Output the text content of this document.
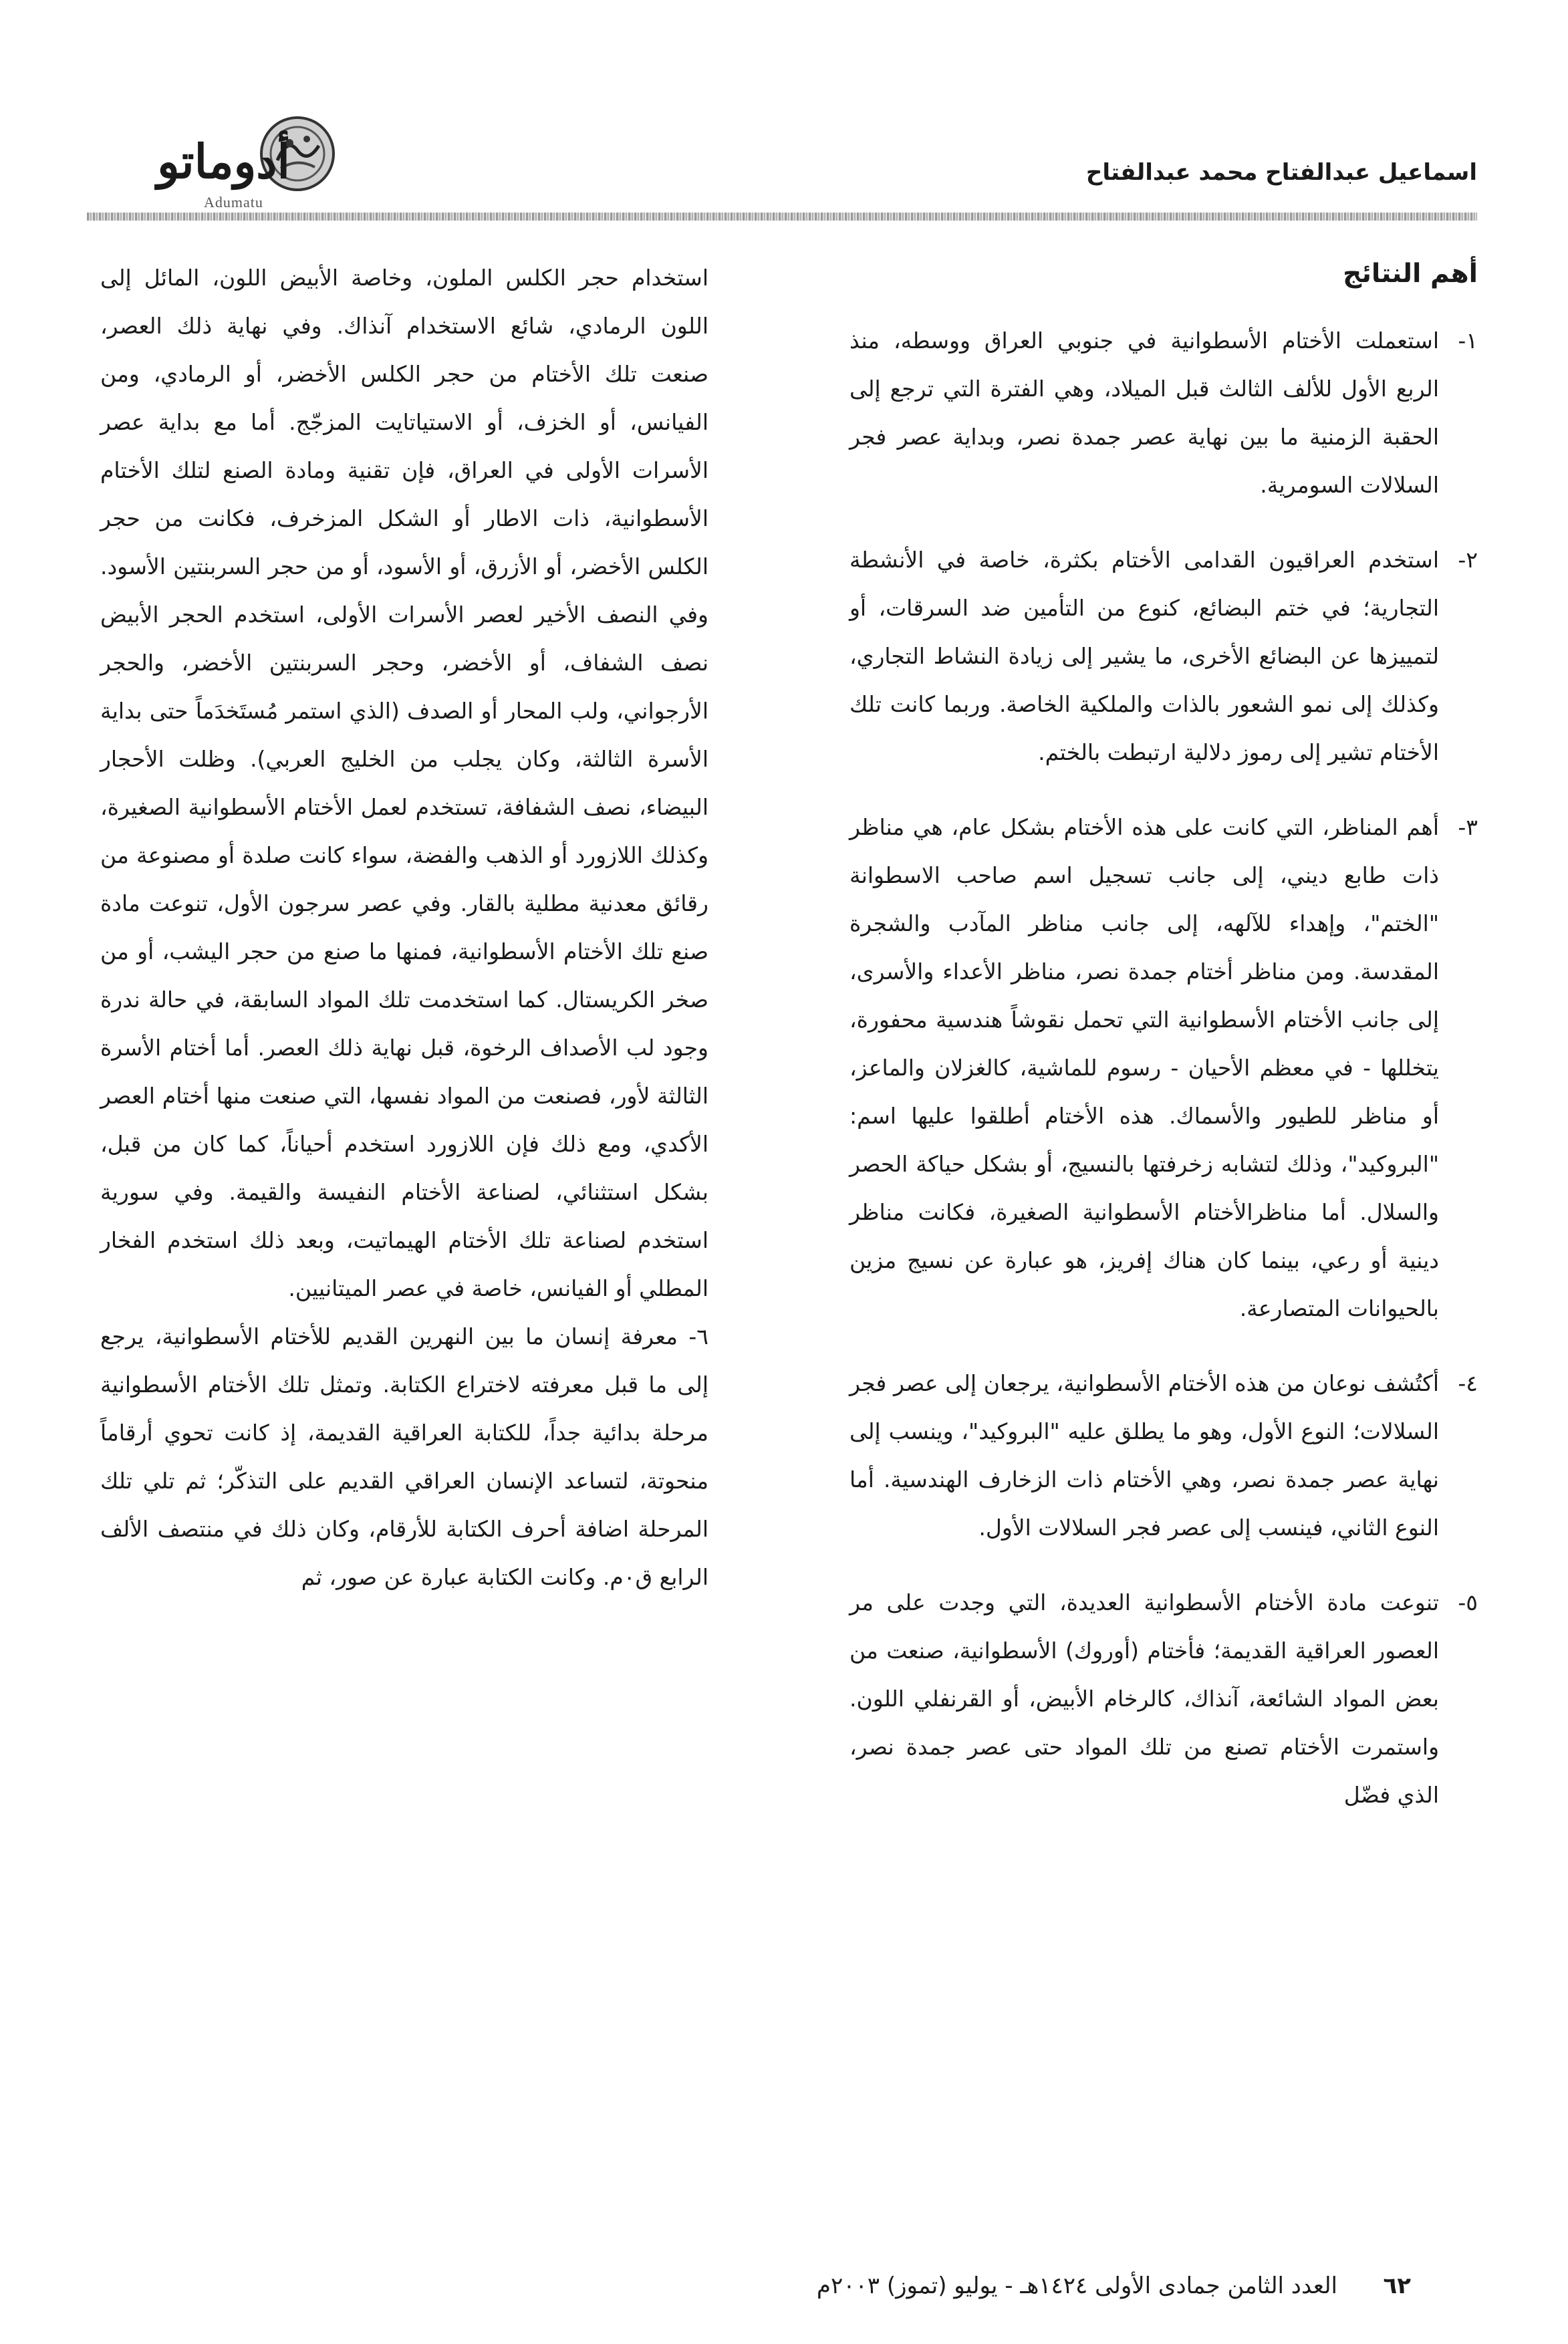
اسماعيل عبدالفتاح محمد عبدالفتاح
أدوماتو
Adumatu
أهم النتائج
١-
استعملت الأختام الأسطوانية في جنوبي العراق ووسطه، منذ الربع الأول للألف الثالث قبل الميلاد، وهي الفترة التي ترجع إلى الحقبة الزمنية ما بين نهاية عصر جمدة نصر، وبداية عصر فجر السلالات السومرية.
٢-
استخدم العراقيون القدامى الأختام بكثرة، خاصة في الأنشطة التجارية؛ في ختم البضائع، كنوع من التأمين ضد السرقات، أو لتمييزها عن البضائع الأخرى، ما يشير إلى زيادة النشاط التجاري، وكذلك إلى نمو الشعور بالذات والملكية الخاصة. وربما كانت تلك الأختام تشير إلى رموز دلالية ارتبطت بالختم.
٣-
أهم المناظر، التي كانت على هذه الأختام بشكل عام، هي مناظر ذات طابع ديني، إلى جانب تسجيل اسم صاحب الاسطوانة "الختم"، وإهداء للآلهه، إلى جانب مناظر المآدب والشجرة المقدسة. ومن مناظر أختام جمدة نصر، مناظر الأعداء والأسرى، إلى جانب الأختام الأسطوانية التي تحمل نقوشاً هندسية محفورة، يتخللها - في معظم الأحيان - رسوم للماشية، كالغزلان والماعز، أو مناظر للطيور والأسماك. هذه الأختام أطلقوا عليها اسم: "البروكيد"، وذلك لتشابه زخرفتها بالنسيج، أو بشكل حياكة الحصر والسلال. أما مناظرالأختام الأسطوانية الصغيرة، فكانت مناظر دينية أو رعي، بينما كان هناك إفريز، هو عبارة عن نسيج مزين بالحيوانات المتصارعة.
٤-
أكتُشف نوعان من هذه الأختام الأسطوانية، يرجعان إلى عصر فجر السلالات؛ النوع الأول، وهو ما يطلق عليه "البروكيد"، وينسب إلى نهاية عصر جمدة نصر، وهي الأختام ذات الزخارف الهندسية. أما النوع الثاني، فينسب إلى عصر فجر السلالات الأول.
٥-
تنوعت مادة الأختام الأسطوانية العديدة، التي وجدت على مر العصور العراقية القديمة؛ فأختام (أوروك) الأسطوانية، صنعت من بعض المواد الشائعة، آنذاك، كالرخام الأبيض، أو القرنفلي اللون. واستمرت الأختام تصنع من تلك المواد حتى عصر جمدة نصر، الذي فضّل

استخدام حجر الكلس الملون، وخاصة الأبيض اللون، المائل إلى اللون الرمادي، شائع الاستخدام آنذاك. وفي نهاية ذلك العصر، صنعت تلك الأختام من حجر الكلس الأخضر، أو الرمادي، ومن الفيانس، أو الخزف، أو الاستياتايت المزجّج. أما مع بداية عصر الأسرات الأولى في العراق، فإن تقنية ومادة الصنع لتلك الأختام الأسطوانية، ذات الاطار أو الشكل المزخرف، فكانت من حجر الكلس الأخضر، أو الأزرق، أو الأسود، أو من حجر السربنتين الأسود. وفي النصف الأخير لعصر الأسرات الأولى، استخدم الحجر الأبيض نصف الشفاف، أو الأخضر، وحجر السربنتين الأخضر، والحجر الأرجواني، ولب المحار أو الصدف (الذي استمر مُستَخدَماً حتى بداية الأسرة الثالثة، وكان يجلب من الخليج العربي). وظلت الأحجار البيضاء، نصف الشفافة، تستخدم لعمل الأختام الأسطوانية الصغيرة، وكذلك اللازورد أو الذهب والفضة، سواء كانت صلدة أو مصنوعة من رقائق معدنية مطلية بالقار. وفي عصر سرجون الأول، تنوعت مادة صنع تلك الأختام الأسطوانية، فمنها ما صنع من حجر اليشب، أو من صخر الكريستال. كما استخدمت تلك المواد السابقة، في حالة ندرة وجود لب الأصداف الرخوة، قبل نهاية ذلك العصر. أما أختام الأسرة الثالثة لأور، فصنعت من المواد نفسها، التي صنعت منها أختام العصر الأكدي، ومع ذلك فإن اللازورد استخدم أحياناً، كما كان من قبل، بشكل استثنائي، لصناعة الأختام النفيسة والقيمة. وفي سورية استخدم لصناعة تلك الأختام الهيماتيت، وبعد ذلك استخدم الفخار المطلي أو الفيانس، خاصة في عصر الميتانيين.

٦- معرفة إنسان ما بين النهرين القديم للأختام الأسطوانية، يرجع إلى ما قبل معرفته لاختراع الكتابة. وتمثل تلك الأختام الأسطوانية مرحلة بدائية جداً، للكتابة العراقية القديمة، إذ كانت تحوي أرقاماً منحوتة، لتساعد الإنسان العراقي القديم على التذكّر؛ ثم تلي تلك المرحلة اضافة أحرف الكتابة للأرقام، وكان ذلك في منتصف الألف الرابع ق٠م. وكانت الكتابة عبارة عن صور، ثم

٦٢
العدد الثامن جمادى الأولى ١٤٢٤هـ - يوليو (تموز) ٢٠٠٣م
